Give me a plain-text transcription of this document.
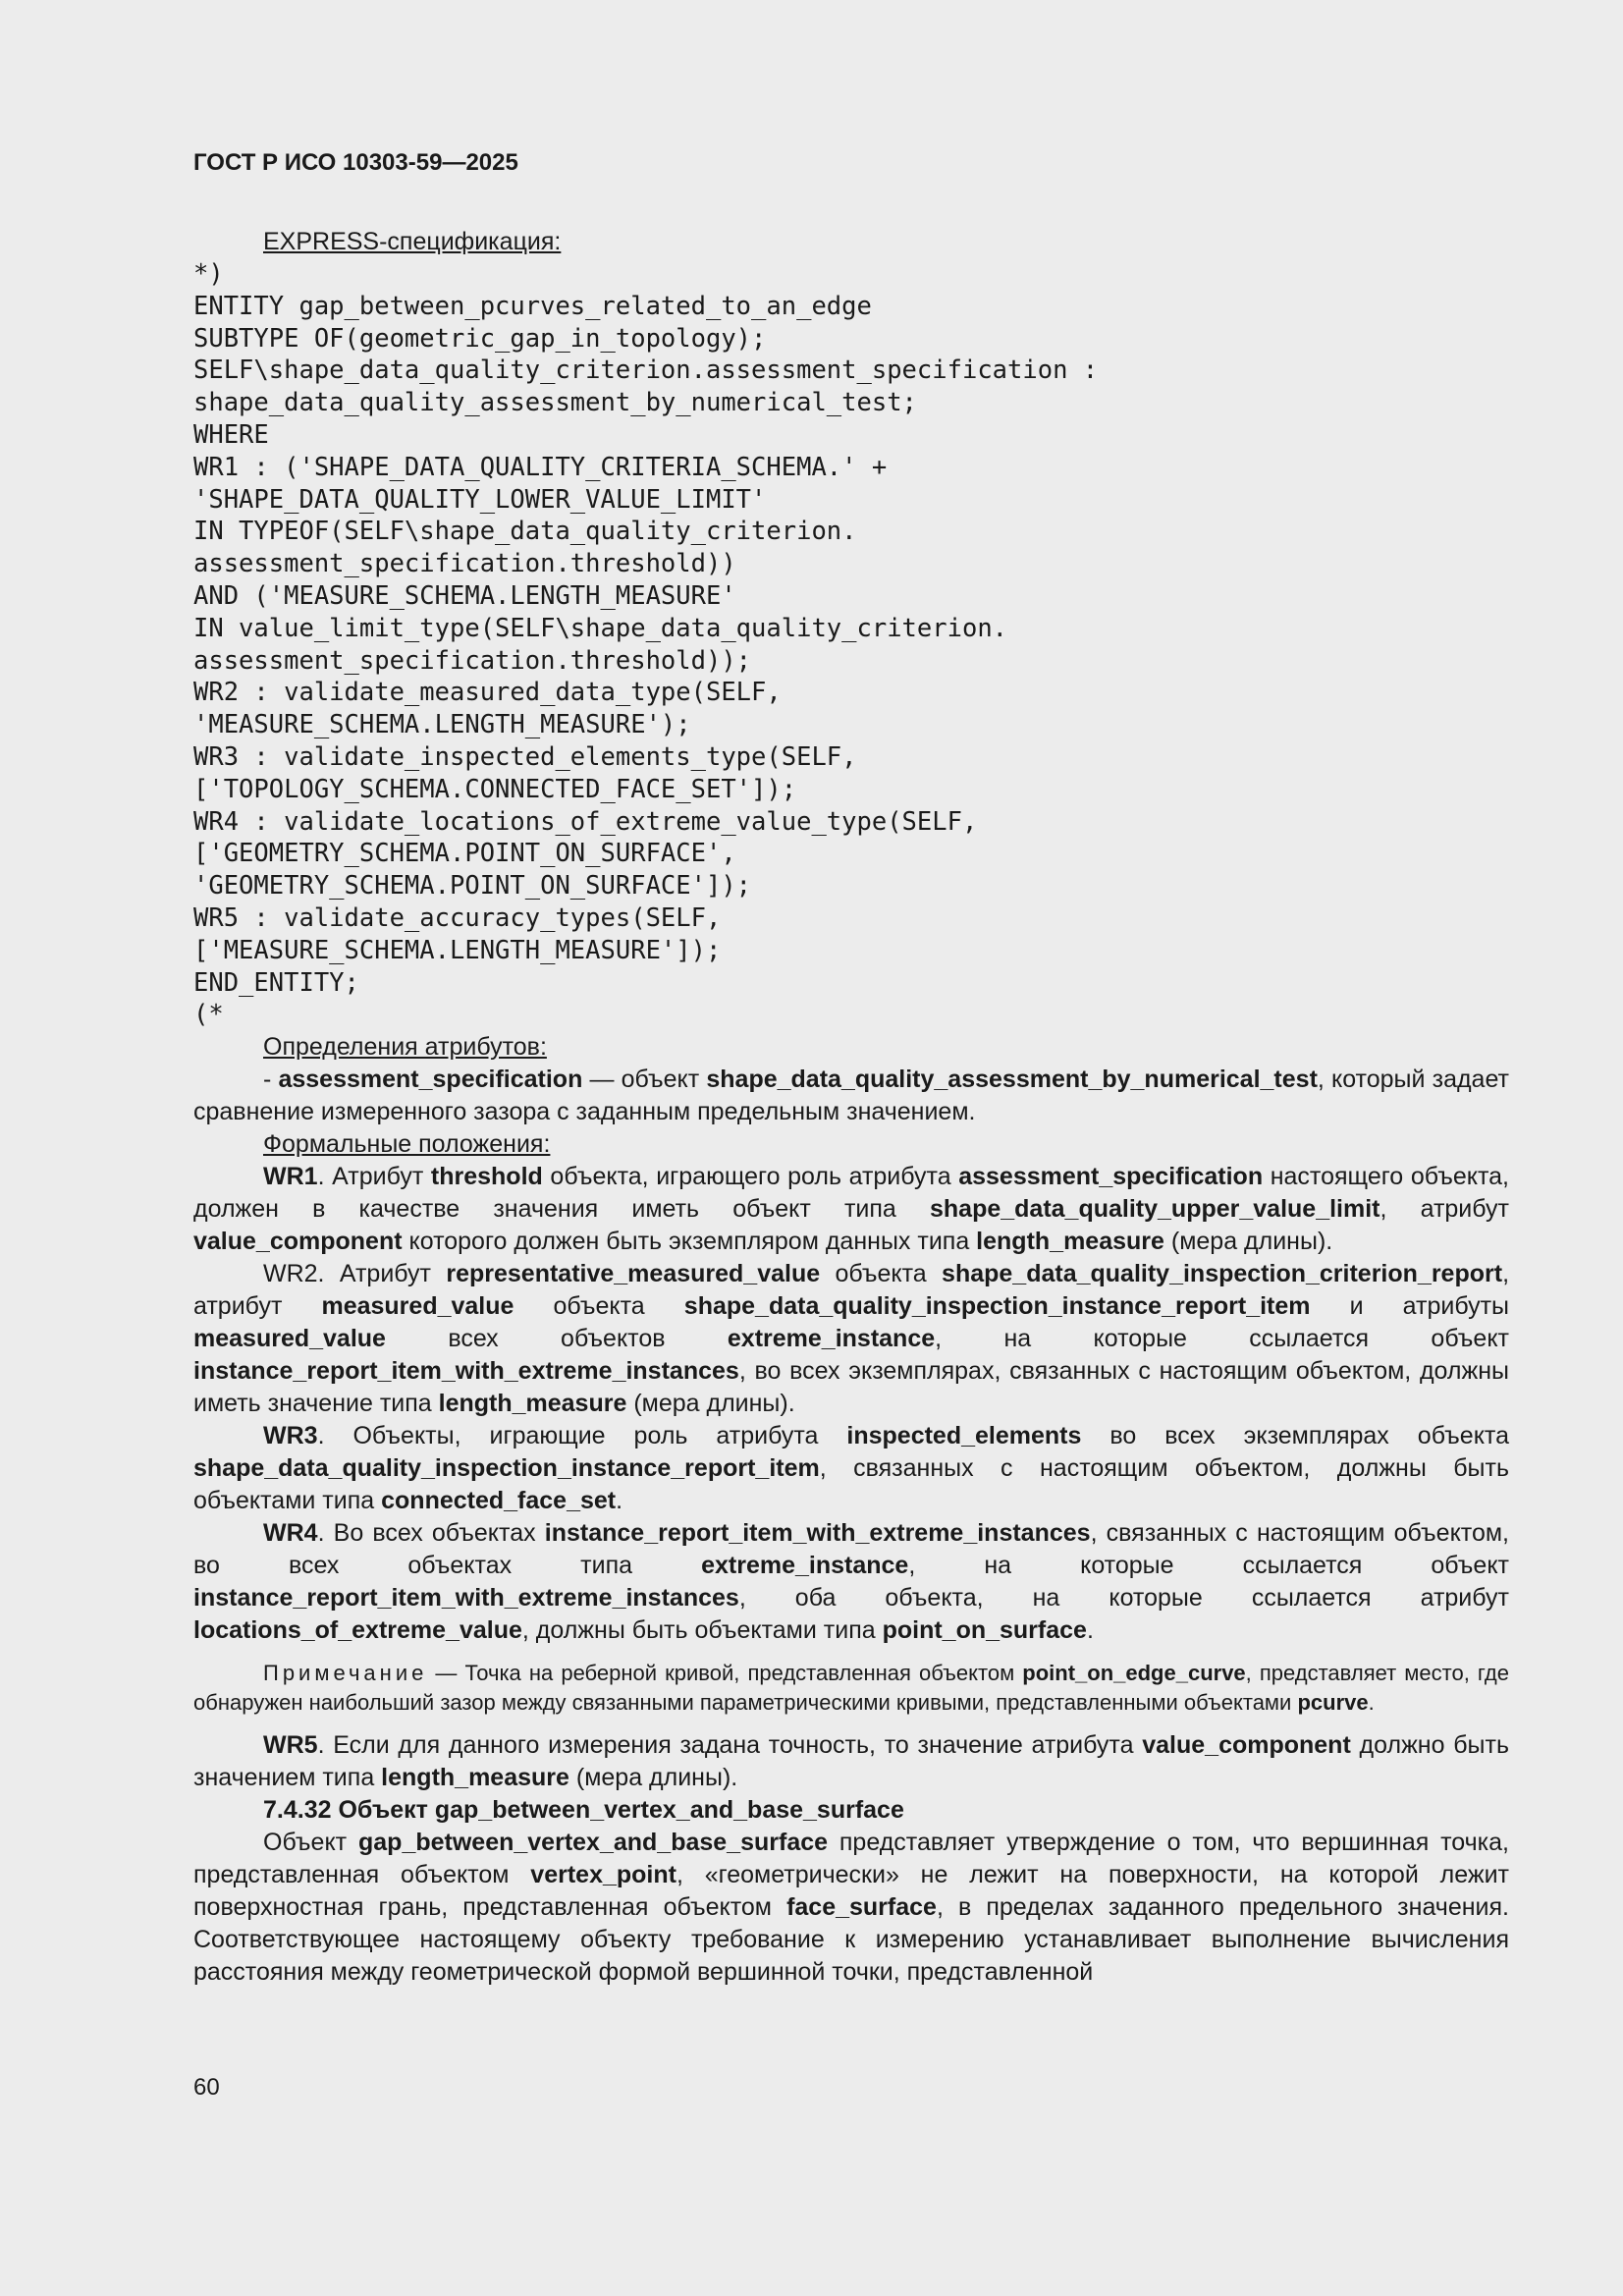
ГОСТ Р ИСО 10303-59—2025
EXPRESS-спецификация:
*)
ENTITY gap_between_pcurves_related_to_an_edge
SUBTYPE OF(geometric_gap_in_topology);
SELF\shape_data_quality_criterion.assessment_specification :
shape_data_quality_assessment_by_numerical_test;
WHERE
WR1 : ('SHAPE_DATA_QUALITY_CRITERIA_SCHEMA.' +
'SHAPE_DATA_QUALITY_LOWER_VALUE_LIMIT'
IN TYPEOF(SELF\shape_data_quality_criterion.
assessment_specification.threshold))
AND ('MEASURE_SCHEMA.LENGTH_MEASURE'
IN value_limit_type(SELF\shape_data_quality_criterion.
assessment_specification.threshold));
WR2 : validate_measured_data_type(SELF,
'MEASURE_SCHEMA.LENGTH_MEASURE');
WR3 : validate_inspected_elements_type(SELF,
['TOPOLOGY_SCHEMA.CONNECTED_FACE_SET']);
WR4 : validate_locations_of_extreme_value_type(SELF,
['GEOMETRY_SCHEMA.POINT_ON_SURFACE',
'GEOMETRY_SCHEMA.POINT_ON_SURFACE']);
WR5 : validate_accuracy_types(SELF,
['MEASURE_SCHEMA.LENGTH_MEASURE']);
END_ENTITY;
(*
Определения атрибутов:

- assessment_specification — объект shape_data_quality_assessment_by_numerical_test, который задает сравнение измеренного зазора с заданным предельным значением.

Формальные положения:

WR1. Атрибут threshold объекта, играющего роль атрибута assessment_specification настоящего объекта, должен в качестве значения иметь объект типа shape_data_quality_upper_value_limit, атрибут value_component которого должен быть экземпляром данных типа length_measure (мера длины).

WR2. Атрибут representative_measured_value объекта shape_data_quality_inspection_criterion_report, атрибут measured_value объекта shape_data_quality_inspection_instance_report_item и атрибуты measured_value всех объектов extreme_instance, на которые ссылается объект instance_report_item_with_extreme_instances, во всех экземплярах, связанных с настоящим объектом, должны иметь значение типа length_measure (мера длины).

WR3. Объекты, играющие роль атрибута inspected_elements во всех экземплярах объекта shape_data_quality_inspection_instance_report_item, связанных с настоящим объектом, должны быть объектами типа connected_face_set.

WR4. Во всех объектах instance_report_item_with_extreme_instances, связанных с настоящим объектом, во всех объектах типа extreme_instance, на которые ссылается объект instance_report_item_with_extreme_instances, оба объекта, на которые ссылается атрибут locations_of_extreme_value, должны быть объектами типа point_on_surface.

Примечание — Точка на реберной кривой, представленная объектом point_on_edge_curve, представляет место, где обнаружен наибольший зазор между связанными параметрическими кривыми, представленными объектами pcurve.

WR5. Если для данного измерения задана точность, то значение атрибута value_component должно быть значением типа length_measure (мера длины).

7.4.32 Объект gap_between_vertex_and_base_surface

Объект gap_between_vertex_and_base_surface представляет утверждение о том, что вершинная точка, представленная объектом vertex_point, «геометрически» не лежит на поверхности, на которой лежит поверхностная грань, представленная объектом face_surface, в пределах заданного предельного значения. Соответствующее настоящему объекту требование к измерению устанавливает выполнение вычисления расстояния между геометрической формой вершинной точки, представленной

60
